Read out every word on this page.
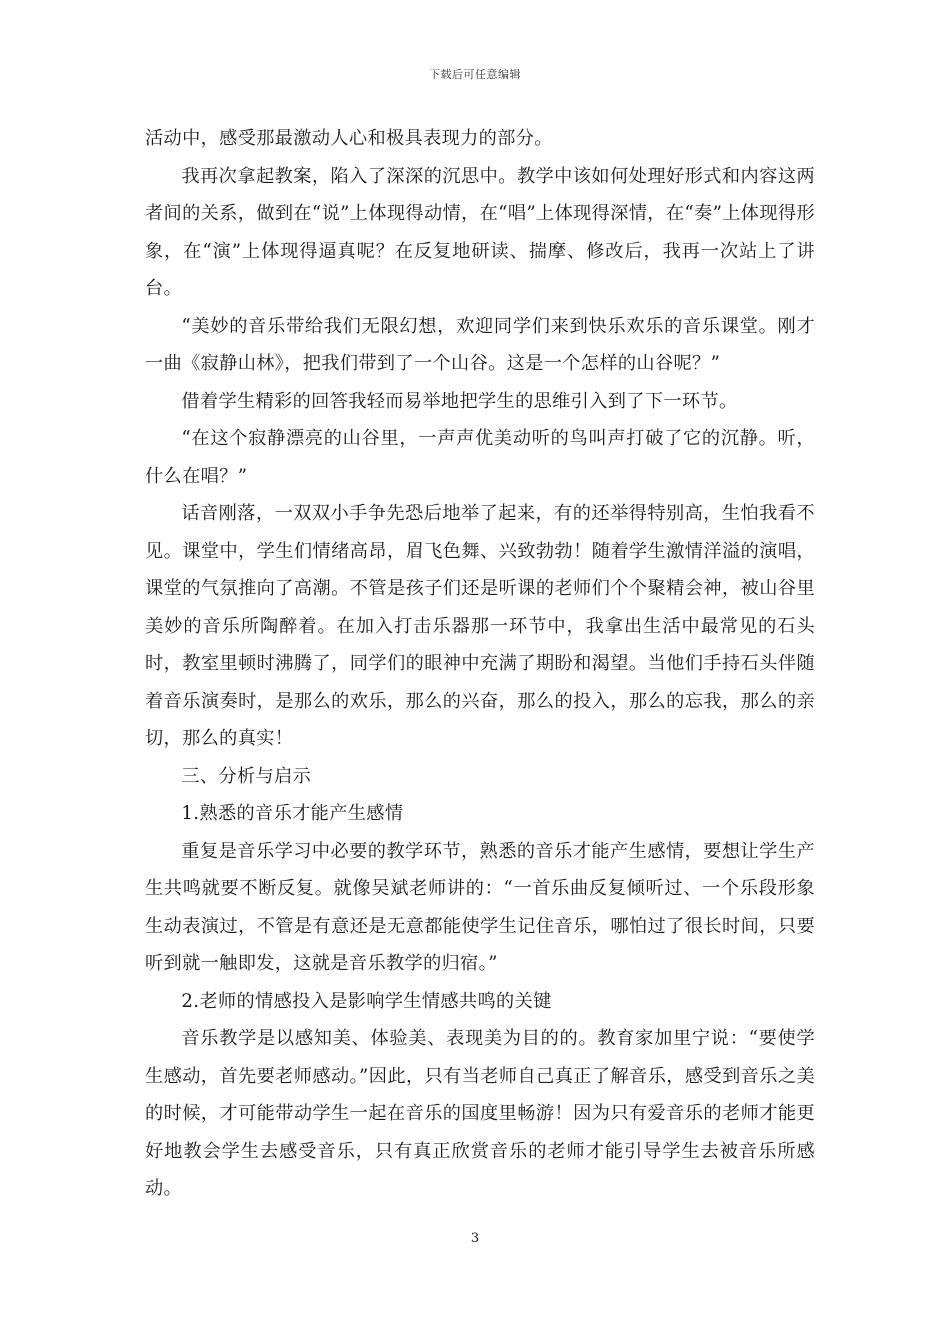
下载后可任意编辑

活动中，感受那最激动人心和极具表现力的部分。

我再次拿起教案，陷入了深深的沉思中。教学中该如何处理好形式和内容这两者间的关系，做到在“说”上体现得动情，在“唱”上体现得深情，在“奏”上体现得形象，在“演”上体现得逼真呢？在反复地研读、揣摩、修改后，我再一次站上了讲台。

“美妙的音乐带给我们无限幻想，欢迎同学们来到快乐欢乐的音乐课堂。刚才一曲《寂静山林》，把我们带到了一个山谷。这是一个怎样的山谷呢？”

借着学生精彩的回答我轻而易举地把学生的思维引入到了下一环节。

“在这个寂静漂亮的山谷里，一声声优美动听的鸟叫声打破了它的沉静。听，什么在唱？”

话音刚落，一双双小手争先恐后地举了起来，有的还举得特别高，生怕我看不见。课堂中，学生们情绪高昂，眉飞色舞、兴致勃勃！随着学生激情洋溢的演唱，课堂的气氛推向了高潮。不管是孩子们还是听课的老师们个个聚精会神，被山谷里美妙的音乐所陶醉着。在加入打击乐器那一环节中，我拿出生活中最常见的石头时，教室里顿时沸腾了，同学们的眼神中充满了期盼和渴望。当他们手持石头伴随着音乐演奏时，是那么的欢乐，那么的兴奋，那么的投入，那么的忘我，那么的亲切，那么的真实！

三、分析与启示

1.熟悉的音乐才能产生感情

重复是音乐学习中必要的教学环节，熟悉的音乐才能产生感情，要想让学生产生共鸣就要不断反复。就像吴斌老师讲的：“一首乐曲反复倾听过、一个乐段形象生动表演过，不管是有意还是无意都能使学生记住音乐，哪怕过了很长时间，只要听到就一触即发，这就是音乐教学的归宿。”

2.老师的情感投入是影响学生情感共鸣的关键

音乐教学是以感知美、体验美、表现美为目的的。教育家加里宁说：“要使学生感动，首先要老师感动。”因此，只有当老师自己真正了解音乐，感受到音乐之美的时候，才可能带动学生一起在音乐的国度里畅游！因为只有爱音乐的老师才能更好地教会学生去感受音乐，只有真正欣赏音乐的老师才能引导学生去被音乐所感动。

3
